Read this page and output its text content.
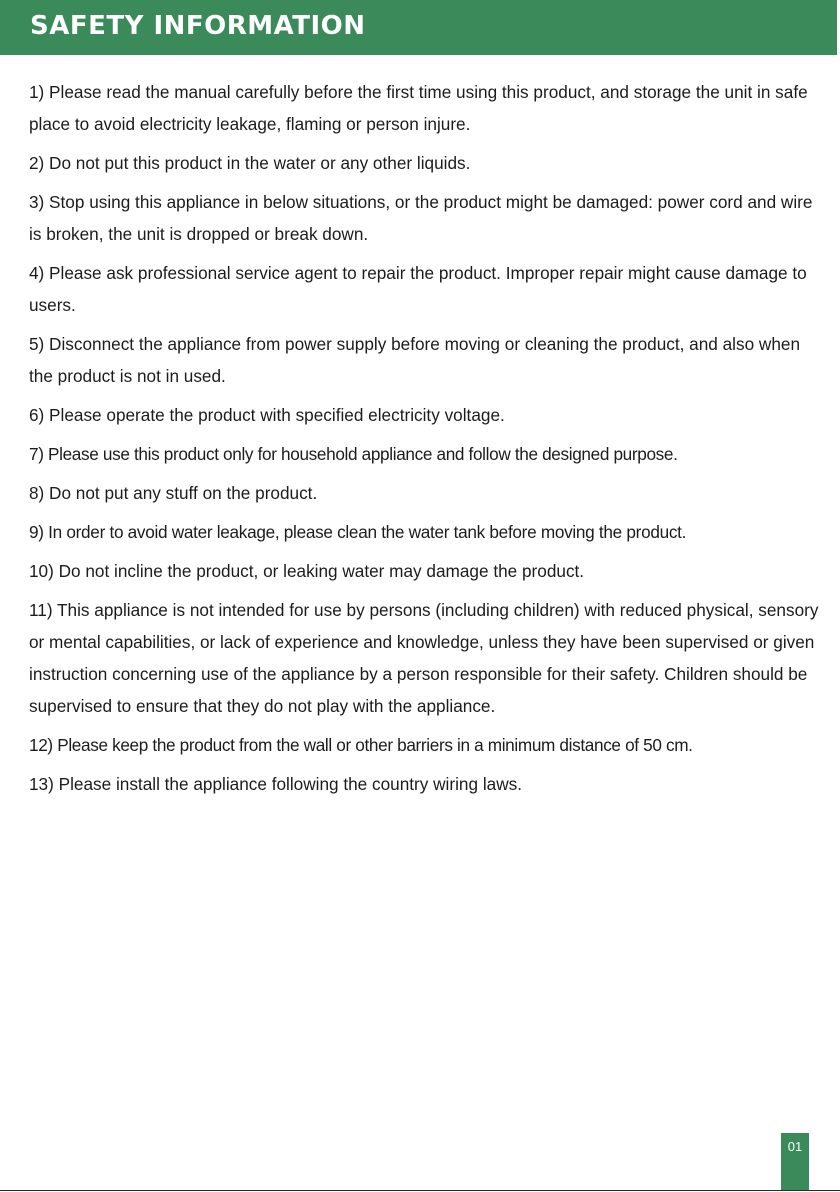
SAFETY INFORMATION

1) Please read the manual carefully before the first time using this product, and storage the unit in safe place to avoid electricity leakage, flaming or person injure.

2) Do not put this product in the water or any other liquids.

3) Stop using this appliance in below situations, or the product might be damaged: power cord and wire is broken, the unit is dropped or break down.

4) Please ask professional service agent to repair the product. Improper repair might cause damage to users.

5) Disconnect the appliance from power supply before moving or cleaning the product, and also when the product is not in used.

6) Please operate the product with specified electricity voltage.

7) Please use this product only for household appliance and follow the designed purpose.

8) Do not put any stuff on the product.

9) In order to avoid water leakage, please clean the water tank before moving the product.

10) Do not incline the product, or leaking water may damage the product.

11) This appliance is not intended for use by persons (including children) with reduced physical, sensory or mental capabilities, or lack of experience and knowledge, unless they have been supervised or given instruction concerning use of the appliance by a person responsible for their safety. Children should be supervised to ensure that they do not play with the appliance.

12) Please keep the product from the wall or other barriers in a minimum distance of 50 cm.

13) Please install the appliance following the country wiring laws.

01
